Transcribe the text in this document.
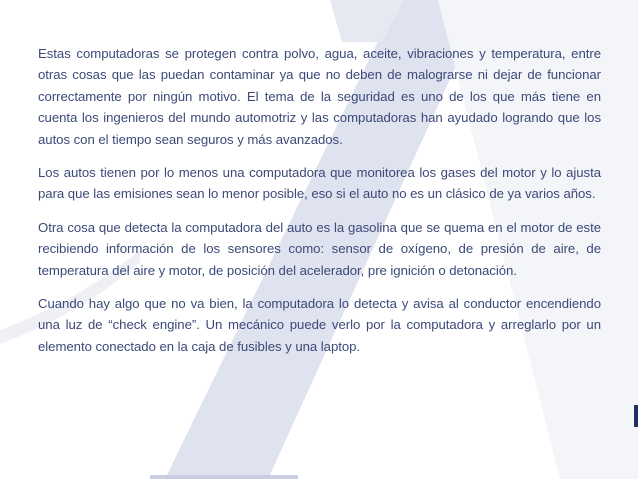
Estas computadoras se protegen contra polvo, agua, aceite, vibraciones y temperatura, entre otras cosas que las puedan contaminar ya que no deben de malograrse ni dejar de funcionar correctamente por ningún motivo. El tema de la seguridad es uno de los que más tiene en cuenta los ingenieros del mundo automotriz y las computadoras han ayudado logrando que los autos con el tiempo sean seguros y más avanzados.

Los autos tienen por lo menos una computadora que monitorea los gases del motor y lo ajusta para que las emisiones sean lo menor posible, eso si el auto no es un clásico de ya varios años.

Otra cosa que detecta la computadora del auto es la gasolina que se quema en el motor de este recibiendo información de los sensores como: sensor de oxígeno, de presión de aire, de temperatura del aire y motor, de posición del acelerador, pre ignición o detonación.

Cuando hay algo que no va bien, la computadora lo detecta y avisa al conductor encendiendo una luz de “check engine”. Un mecánico puede verlo por la computadora y arreglarlo por un elemento conectado en la caja de fusibles y una laptop.
